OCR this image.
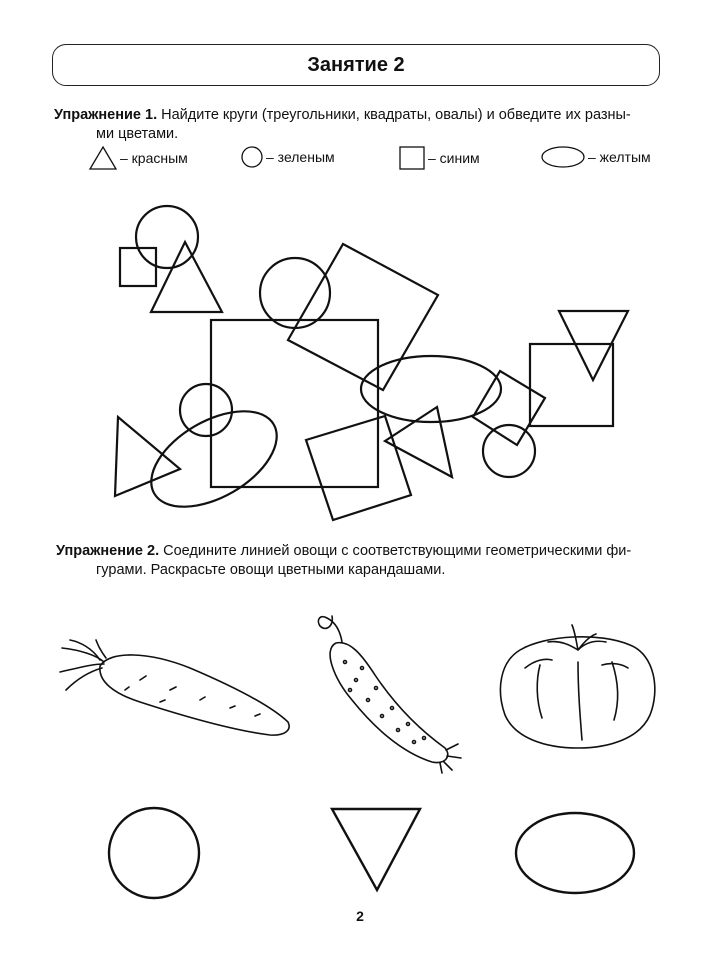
Занятие 2
Упражнение 1. Найдите круги (треугольники, квадраты, овалы) и обведите их разны-
ми цветами.
– красным	– зеленым	– синим	– желтым
Упражнение 2. Соедините линией овощи с соответствующими геометрическими фи-
гурами. Раскрасьте овощи цветными карандашами.
2
